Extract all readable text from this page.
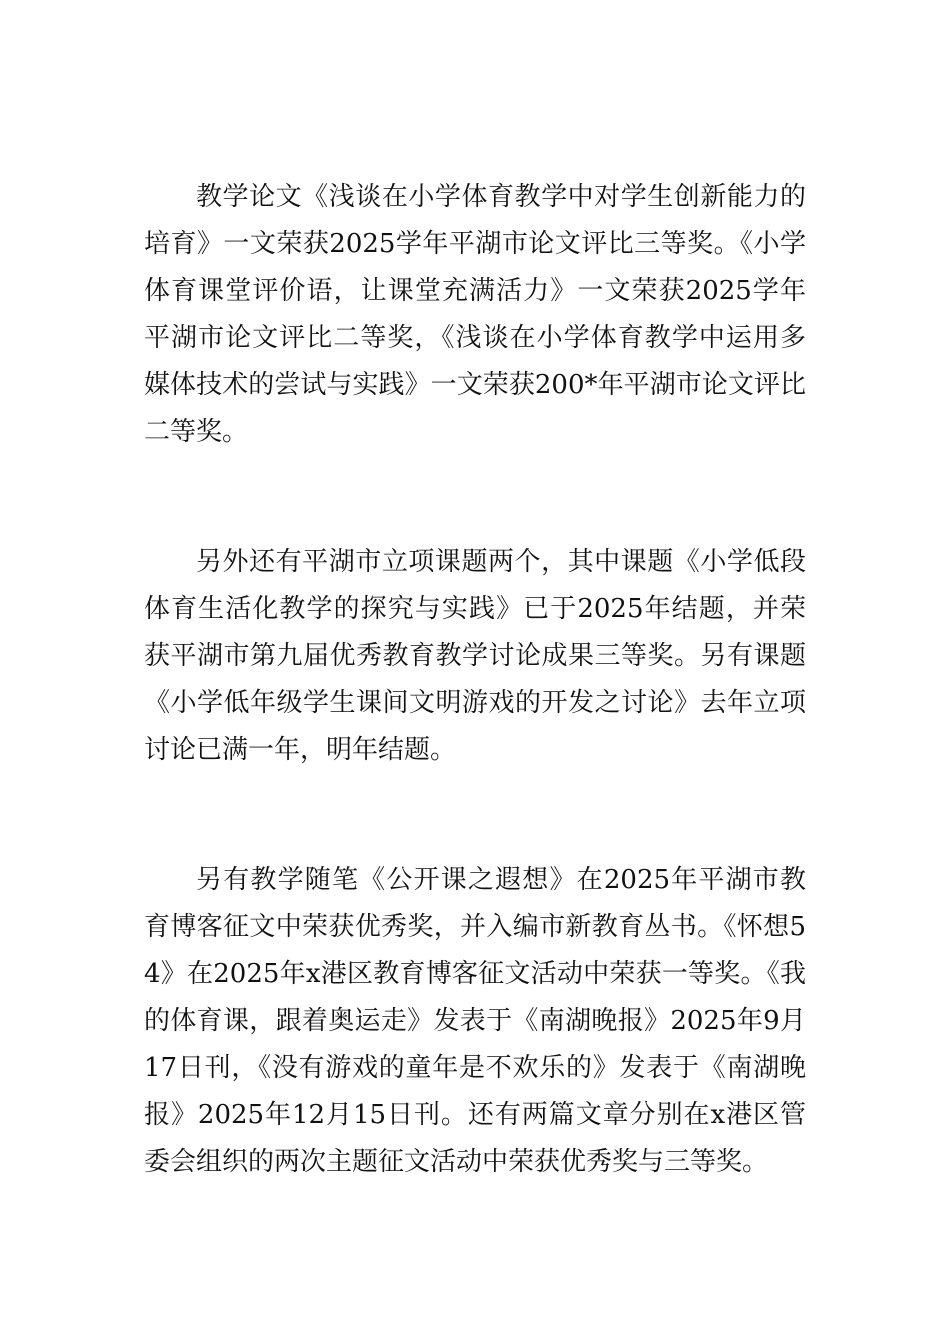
教学论文《浅谈在小学体育教学中对学生创新能力的培育》一文荣获2025学年平湖市论文评比三等奖。《小学体育课堂评价语，让课堂充满活力》一文荣获2025学年平湖市论文评比二等奖，《浅谈在小学体育教学中运用多媒体技术的尝试与实践》一文荣获200*年平湖市论文评比二等奖。

另外还有平湖市立项课题两个，其中课题《小学低段体育生活化教学的探究与实践》已于2025年结题，并荣获平湖市第九届优秀教育教学讨论成果三等奖。另有课题《小学低年级学生课间文明游戏的开发之讨论》去年立项讨论已满一年，明年结题。

另有教学随笔《公开课之遐想》在2025年平湖市教育博客征文中荣获优秀奖，并入编市新教育丛书。《怀想54》在2025年x港区教育博客征文活动中荣获一等奖。《我的体育课，跟着奥运走》发表于《南湖晚报》2025年9月17日刊，《没有游戏的童年是不欢乐的》发表于《南湖晚报》2025年12月15日刊。还有两篇文章分别在x港区管委会组织的两次主题征文活动中荣获优秀奖与三等奖。
